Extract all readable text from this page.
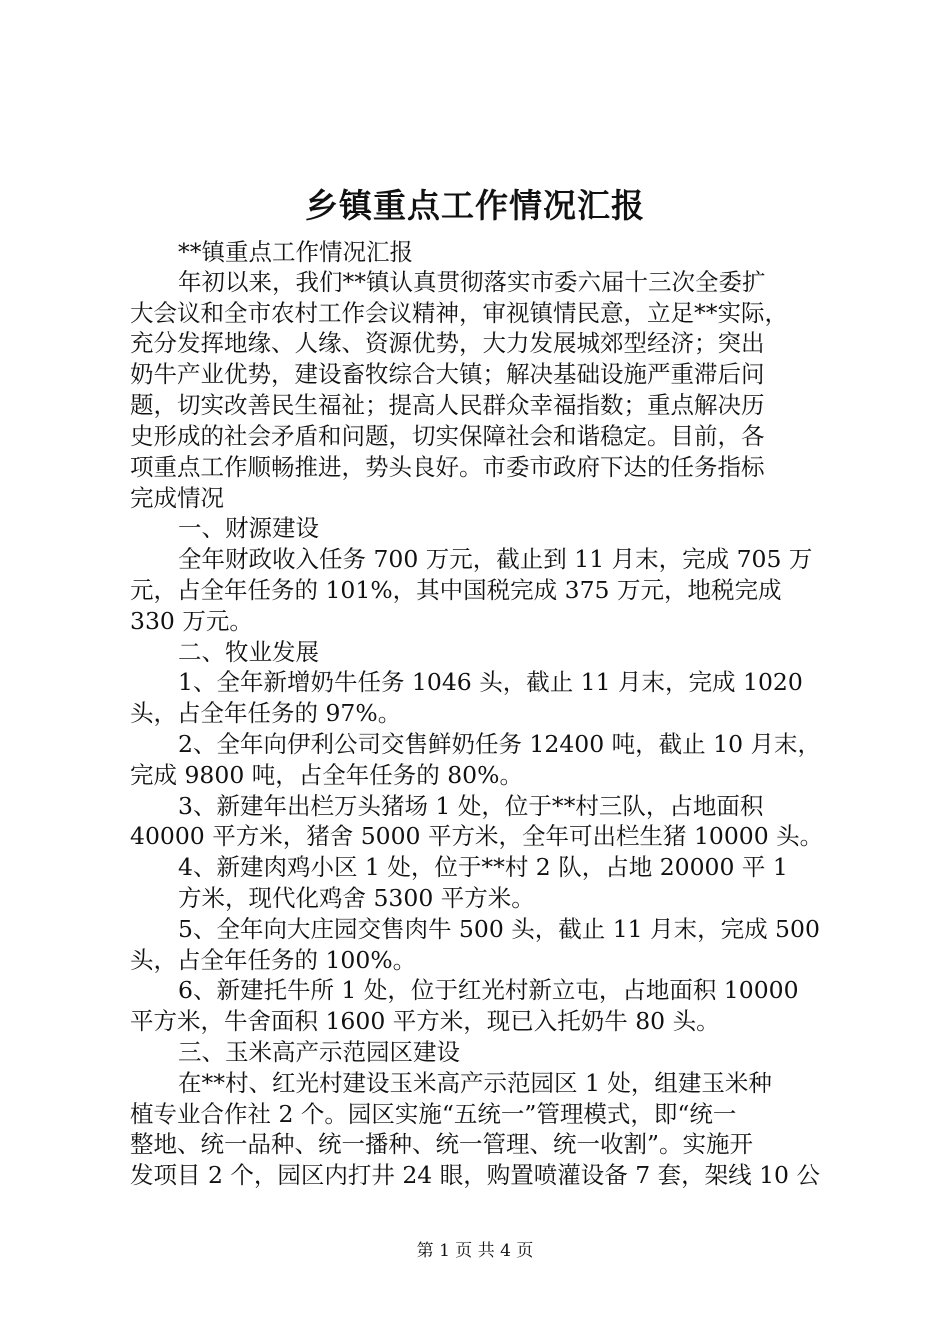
乡镇重点工作情况汇报
**镇重点工作情况汇报
年初以来，我们**镇认真贯彻落实市委六届十三次全委扩
大会议和全市农村工作会议精神，审视镇情民意，立足**实际，
充分发挥地缘、人缘、资源优势，大力发展城郊型经济；突出
奶牛产业优势，建设畜牧综合大镇；解决基础设施严重滞后问
题，切实改善民生福祉；提高人民群众幸福指数；重点解决历
史形成的社会矛盾和问题，切实保障社会和谐稳定。目前，各
项重点工作顺畅推进，势头良好。市委市政府下达的任务指标
完成情况
一、财源建设
全年财政收入任务 700 万元，截止到 11 月末，完成 705 万
元，占全年任务的 101%，其中国税完成 375 万元，地税完成
330 万元。
二、牧业发展
1、全年新增奶牛任务 1046 头，截止 11 月末，完成 1020
头，占全年任务的 97%。
2、全年向伊利公司交售鲜奶任务 12400 吨，截止 10 月末，
完成 9800 吨，占全年任务的 80%。
3、新建年出栏万头猪场 1 处，位于**村三队，占地面积
40000 平方米，猪舍 5000 平方米，全年可出栏生猪 10000 头。
4、新建肉鸡小区 1 处，位于**村 2 队，占地 20000 平 1
方米，现代化鸡舍 5300 平方米。
5、全年向大庄园交售肉牛 500 头，截止 11 月末，完成 500
头，占全年任务的 100%。
6、新建托牛所 1 处，位于红光村新立屯，占地面积 10000
平方米，牛舍面积 1600 平方米，现已入托奶牛 80 头。
三、玉米高产示范园区建设
在**村、红光村建设玉米高产示范园区 1 处，组建玉米种
植专业合作社 2 个。园区实施“五统一”管理模式，即“统一
整地、统一品种、统一播种、统一管理、统一收割”。实施开
发项目 2 个，园区内打井 24 眼，购置喷灌设备 7 套，架线 10 公
第 1 页 共 4 页
